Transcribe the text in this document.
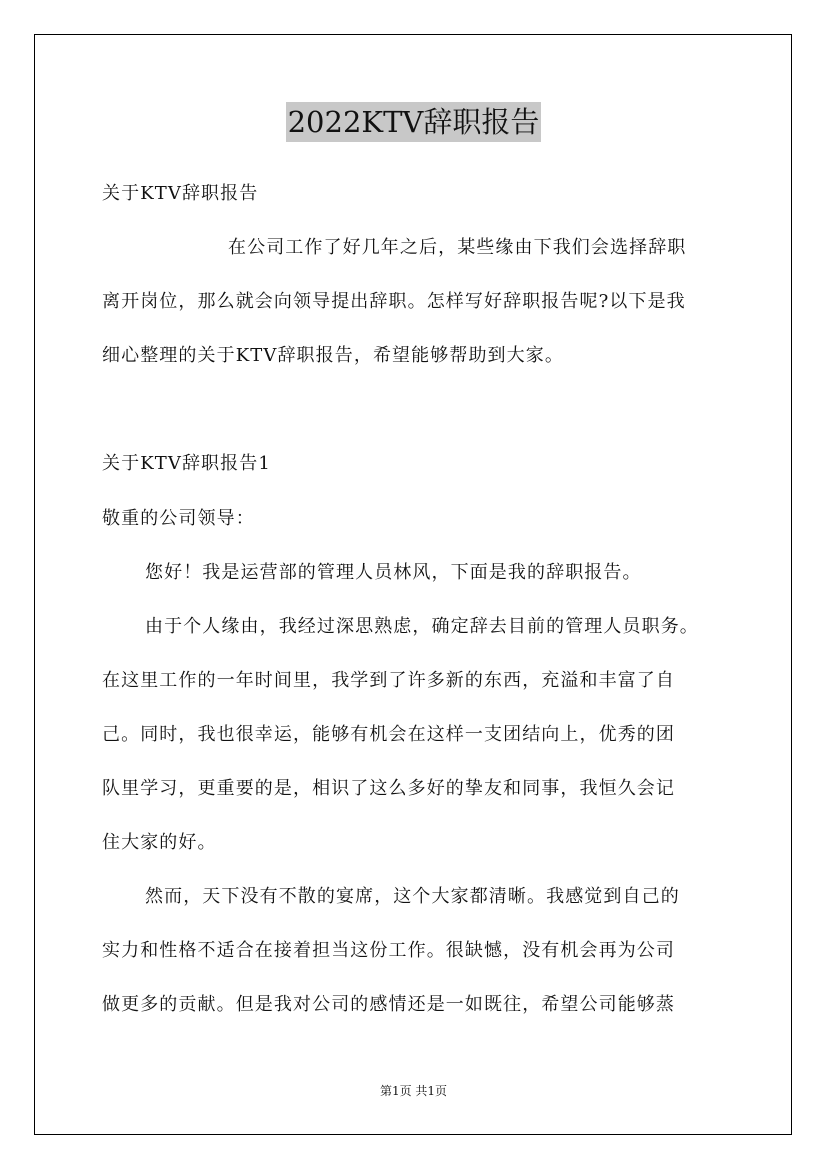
2022KTV辞职报告
关于KTV辞职报告
在公司工作了好几年之后，某些缘由下我们会选择辞职
离开岗位，那么就会向领导提出辞职。怎样写好辞职报告呢?以下是我
细心整理的关于KTV辞职报告，希望能够帮助到大家。
关于KTV辞职报告1
敬重的公司领导：
您好！我是运营部的管理人员林风，下面是我的辞职报告。
由于个人缘由，我经过深思熟虑，确定辞去目前的管理人员职务。
在这里工作的一年时间里，我学到了许多新的东西，充溢和丰富了自
己。同时，我也很幸运，能够有机会在这样一支团结向上，优秀的团
队里学习，更重要的是，相识了这么多好的挚友和同事，我恒久会记
住大家的好。
然而，天下没有不散的宴席，这个大家都清晰。我感觉到自己的
实力和性格不适合在接着担当这份工作。很缺憾，没有机会再为公司
做更多的贡献。但是我对公司的感情还是一如既往，希望公司能够蒸
第1页 共1页
